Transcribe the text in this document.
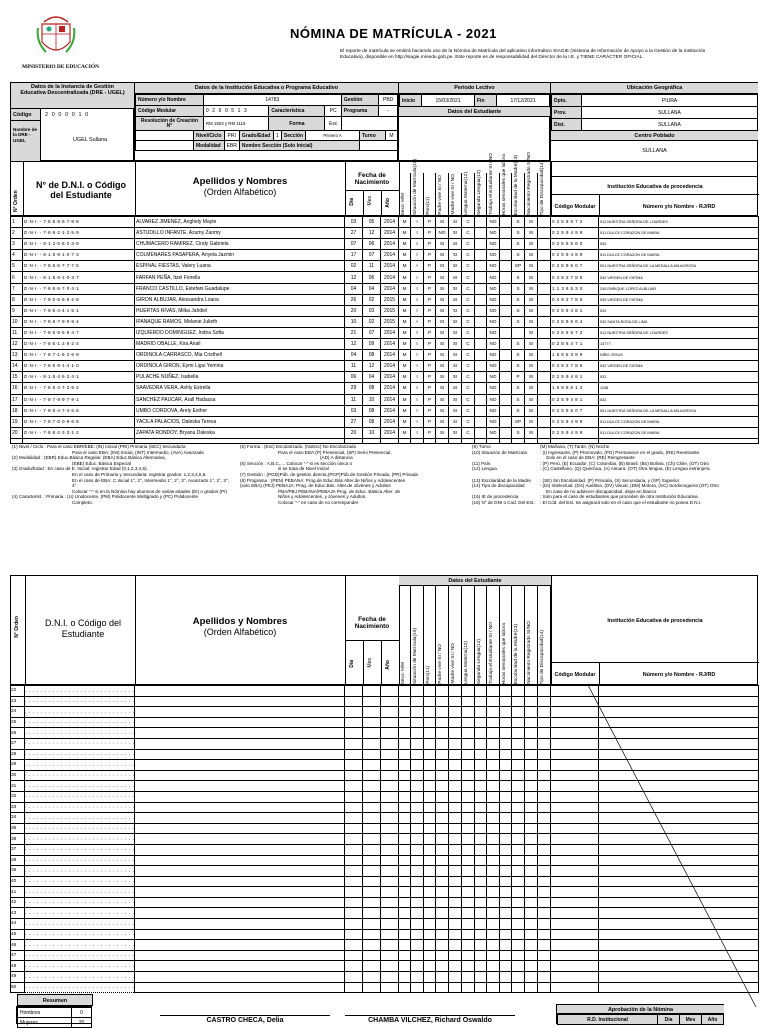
MINISTERIO DE EDUCACIÓN
NÓMINA DE MATRÍCULA - 2021
El reporte de matrícula se emitirá haciendo uso de la Nómina de Matrícula del aplicativo informático SIAGIE (Sistema de Información de Apoyo a la Gestión de la Institución Educativa), disponible en http://siagie.minedu.gob.pe. Este reporte es de responsabilidad del Director de la I.E. y TIENE CARÁCTER OFICIAL.
Datos de la Instancia de Gestión Educativa Descentralizada (DRE - UGEL)
Código	2 0 0 0 0 1 0
Nombre de la DRE - UGEL	UGEL Sullana
Datos de la Institución Educativa o Programa Educativo
Número y/o Nombre	14783			Gestión	PBD
Código Modular	0 2 6 0 5 1 3	Característica	PC	Programa	-
Resolución de Creación N°	RM 1503 y RM 1118	Forma	Esc		
	Nivel/Ciclo	PRI	Grado/Edad	1	Sección	Primero A	Turno	M
	Modalidad	EBR	Nombre Sección (Solo Inicial)					
Periodo Lectivo
Inicio	15/03/2021	Fin	17/12/2021
Datos del Estudiante
Ubicación Geográfica
Dpto.	PIURA
Prov.	SULLANA
Dist.	SULLANA
Centro Poblado
SULLANA
N° Orden
N° de D.N.I. o Código del Estudiante
Apellidos y Nombres
(Orden Alfabético)
Fecha de Nacimiento
Día Mes Año Sexo: H/M Situación de Matrícula(10) País(11) Padre vive SI / NO Madre vive SI / NO Lengua Materna(12) Segunda Lengua(12) Trabaja el Estudiante SI / NO Horas semanales que labora Escolaridad de la Madre(13) Nacimiento Registrado SI/NO Tipo de Discapacidad(14)	Institución Educativa de procedencia
Código Modular	Número y/o Nombre - RJ/RD
1	D·N·I· - 7·8·5·9·5·7·8·8	ALVAREZ JIMENEZ, Anghely Mayte	03	05	2014	M	I	P	SI	SI	C		NO		S	SI		0 2 5 9 5 7 2	512 NUESTRA SEÑORA DE LOURDES
2	D·N·I· - 7·8·9·2·1·2·5·9	ASTUDILLO INFANTE, Azumy Zaomy	27	12	2014	M	I	P	NO	SI	C		NO		S	SI		0 2 5 9 4 9 9	511 DULCE CORAZON DE MARIA
3	D·N·I· - 8·1·2·5·5·2·3·9	CHUMACERO RAMIREZ, Cindy Gabriela	07	06	2014	M	I	P	SI	SI	C		NO		S	SI		0 2 5 9 5 8 0	530
4	D·N·I· - 8·1·5·9·1·0·7·3	COLMENARES PASAPERA, Anyela Jazmin	17	07	2014	M	I	P	SI	SI	C		NO		S	SI		0 2 5 9 4 9 9	511 DULCE CORAZON DE MARIA
5	D·N·I· - 7·8·6·5·7·7·7·6	ESPINAL FIESTAS, Valery Luana	02	11	2014	M	I	P	SI	SI	C		NO		SP	SI		0 2 5 9 5 0 7	501 NUESTRA SEÑORA DE LA MEDALLA MILAGROSA
6	D·N·I· - 8·1·5·9·1·0·3·7	FARFAN PEÑA, Itzel Fiorella	12	06	2014	M	I	P	SI	SI	C		NO		S	SI		0 4 9 2 7 8 5	530 VIRGEN DE FATIMA
7	D·N·I· - 7·8·5·5·7·0·4·1	FRANCO CASTILLO, Estefani Guadalupe	04	04	2014	M	I	P	SI	SI	C		NO		S	SI		1 1 3 6 5 3 0	245 ENRIQUE LOPEZ ALBUJAR
8	D·N·I· - 7·9·0·6·5·9·2·8	GIRON ALBUJAR, Alessandra Loana	26	02	2015	M	I	P	SI	SI	C		NO		S	SI		0 4 9 2 7 8 5	530 VIRGEN DE FATIMA
9	D·N·I· - 7·9·5·4·4·1·5·1	HUERTAS RIVAS, Milka Jahdiel	20	03	2015	M	I	P	SI	SI	C		NO		S	SI		0 2 5 9 4 8 1	532
10	D·N·I· - 7·8·9·7·9·0·9·4	IPANAQUE RAMOS, Melanie Julieth	10	02	2015	M	I	P	SI	SI	C		NO		S	SI		0 2 5 9 5 6 4	530 SANTA ROSA DE LIMA
11	D·N·I· - 7·8·6·9·5·8·4·7	IZQUIERDO DOMINGUEZ, Indira Sofia	21	07	2014	M	I	P	SI	SI	C		NO			SI		0 2 5 9 5 7 2	512 NUESTRA SEÑORA DE LOURDES
12	D·N·I· - 7·8·6·1·2·9·2·4	MADRID OBALLE, Kira Anail	12	09	2014	M	I	P	SI	SI	C		NO		S	SI		0 2 8 6 4 7 1	14777
13	D·N·I· - 7·8·7·1·8·2·6·9	ORDINOLA CARRASCO, Mia Cristhell	04	08	2014	M	I	P	SI	SI	C		NO		S	SI		1 5 6 5 3 9 9	NIÑO JESUS
14	D·N·I· - 7·8·6·9·1·4·1·0	ORDINOLA GIRON, Eymi Ligui Yemina	11	12	2014	M	I	P	SI	SI	C		NO		S	SI		0 4 9 2 7 8 5	530 VIRGEN DE FATIMA
15	D·N·I· - 8·1·5·4·5·2·4·1	PULACHE NUÑEZ, Isabella	06	04	2014	M	I	P	SI	SI	C		NO		P	SI		0 2 5 9 4 8 1	532
16	D·N·I· - 7·8·6·4·7·2·9·2	SAAVEDRA VERA, Ashly Estrella	29	08	2014	M	I	P	SI	SI	C		NO		S	SI		1 5 8 9 6 1 3	1108
17	D·N·I· - 7·8·7·9·9·7·9·1	SANCHEZ PAUCAR, Arall Hadassa	11	10	2014	M	I	P	SI	SI	C		NO		S	SI		0 2 5 9 4 8 1	532
18	D·N·I· - 7·8·6·4·7·4·6·6	UMBO CORDOVA, Arely Esther	03	08	2014	M	I	P	SI	SI	C		NO		S	SI		0 2 5 9 5 0 7	501 NUESTRA SEÑORA DE LA MEDALLA MILAGROSA
19	D·N·I· - 7·8·7·6·0·9·6·8	YACILA PALACIOS, Daleska Teresa	27	08	2014	M	I	P	SI	SI	C		NO		SP	SI		0 2 5 9 4 9 9	511 DULCE CORAZON DE MARIA
20	D·N·I· - 7·8·8·2·3·3·1·2	ZAPATA RONDOY, Bryana Daleska	20	10	2014	M	I	P	SI	SI	C		NO		S	SI		0 2 5 9 4 9 9	511 DULCE CORAZON DE MARIA

(1) Nivel / Ciclo : Para el caso EBR/EBE: (IN) Inicial (PRI) Primaria (SEC) Secundaria
Para el caso EBA: (INI) Inicial, (INT) Intermedio, (AVA) Avanzado
(2) Modalidad : (EBR) Educ.Básica Regular, (EBA) Educ.Básica Alternativa,
(EBE) Educ. Básica Especial
(3) Grado/Edad : En caso de E. Inicial: registrar Edad (0,1,2,3,4,5).
En el caso de Primaria y Secundaria: registrar grados: 1,2,3,4,5,6.
En el caso de EBA: C.Inicial 1°, 2°, Intermedio 1°, 2°, 3°, Avanzado 1°, 2°, 3°, 4°
Colocar "-" si en la Nómina hay alumnos de varias edades (EI) o grados (Pr)
(4) Caracterist. : Primaria : (U) Unidocente, (PM) Polidocente Multigrado y (PC) Polidocente
Completo.
(5) Forma : (Esc) Escolarizado, (NoEsc) No Escolarizado
Para el caso EBA:(P) Presencial, (SP) Semi Presencial,
(AD) A distancia
(6) Sección : A,B,C,.... Colocar "-" si es sección única o
si se trata de Nivel Inicial
(7) Gestión : (PGD)Púb. de gestión directa,(PGP)Púb.de Gestión Privada, (PR) Privada
(8) Programa : (PEN) PEBANA: Prog.de Educ.Bás.Alter.de Niños y Adolescentes
(solo EBA) (PEJ) PEBAJA: Prog. de Educ.Bás. Alter.de Jóvenes y Adultos
PBA/PBJ PEBANA/PEBAJA Prog. de Educ. Básica Alter. de
Niños y Adolescentes, y Jóvenes y Adultos.
Colocar "-" en caso de no corresponder
(9) Turno
(10) Situación de Matrícula

(11) País
(12) Lengua

(13) Escolaridad de la Madre
(14) Tipo de discapacidad

(15) IE de procedencia
(16) N° de DNI o Cod. Del Est.:
(M) Mañana, (T) Tarde, (N) Noche
: (I) Ingresante, (P) Promovido, (PG) Permanece en el grado, (RE) Reentrante.
Solo en el caso de EBA: (RE) Reingresante
: (P) Perú, (E) Ecuador, (C) Colombia, (B) Brasil, (Bo) Bolivia, (Ch) Chile, (OT) Otro
: (C) Castellano, (Q) Quechua, (A) Aimara, (OT) Otra lengua, (E) Lengua extranjera.

: (SE) Sin Escolaridad, (P) Primaria, (S) Secundaria, y (SP) Superior
: (DI) Intelectual, (DA) Auditiva, (DV) Visual, (DM) Motora, (SC) Sordoceguera (OT) Otro
En caso de no adolecer discapacidad, dejar en blanco
: Solo para el caso de estudiantes que proceden de otra Institución Educativa.
: El Cód. del Est. Se asignará solo en el caso que el estudiante no posea D.N.I.
N° Orden	D.N.I. o Código del Estudiante
Apellidos y Nombres
(Orden Alfabético)
Fecha de Nacimiento
Día Mes Año
Datos del Estudiante
Sexo: H/M Situación de Matrícula(10) País(11) Padre vive SI / NO Madre vive SI / NO Lengua Materna(12) Segunda Lengua(12) Trabaja el Estudiante SI / NO Horas semanales que labora Escolaridad de la Madre(13) Nacimiento Registrado SI/NO Tipo de Discapacidad(14)
Institución Educativa de procedencia
Código Modular	Número y/o Nombre - RJ/RD
22																			
23																			
24																			
25																			
26																			
27																			
28																			
29																			
30																			
31																			
32																			
33																			
34																			
35																			
36																			
37																			
38																			
39																			
40																			
41																			
42																			
43																			
44																			
45																			
46																			
47																			
48																			
49																			
50																			
Resumen
Hombres	0
Mujeres	20	CASTRO CHECA, Delia	CHAMBA VILCHEZ, Richard Oswaldo
Aprobación de la Nómina
R.D. Institucional	Día	Mes	Año
